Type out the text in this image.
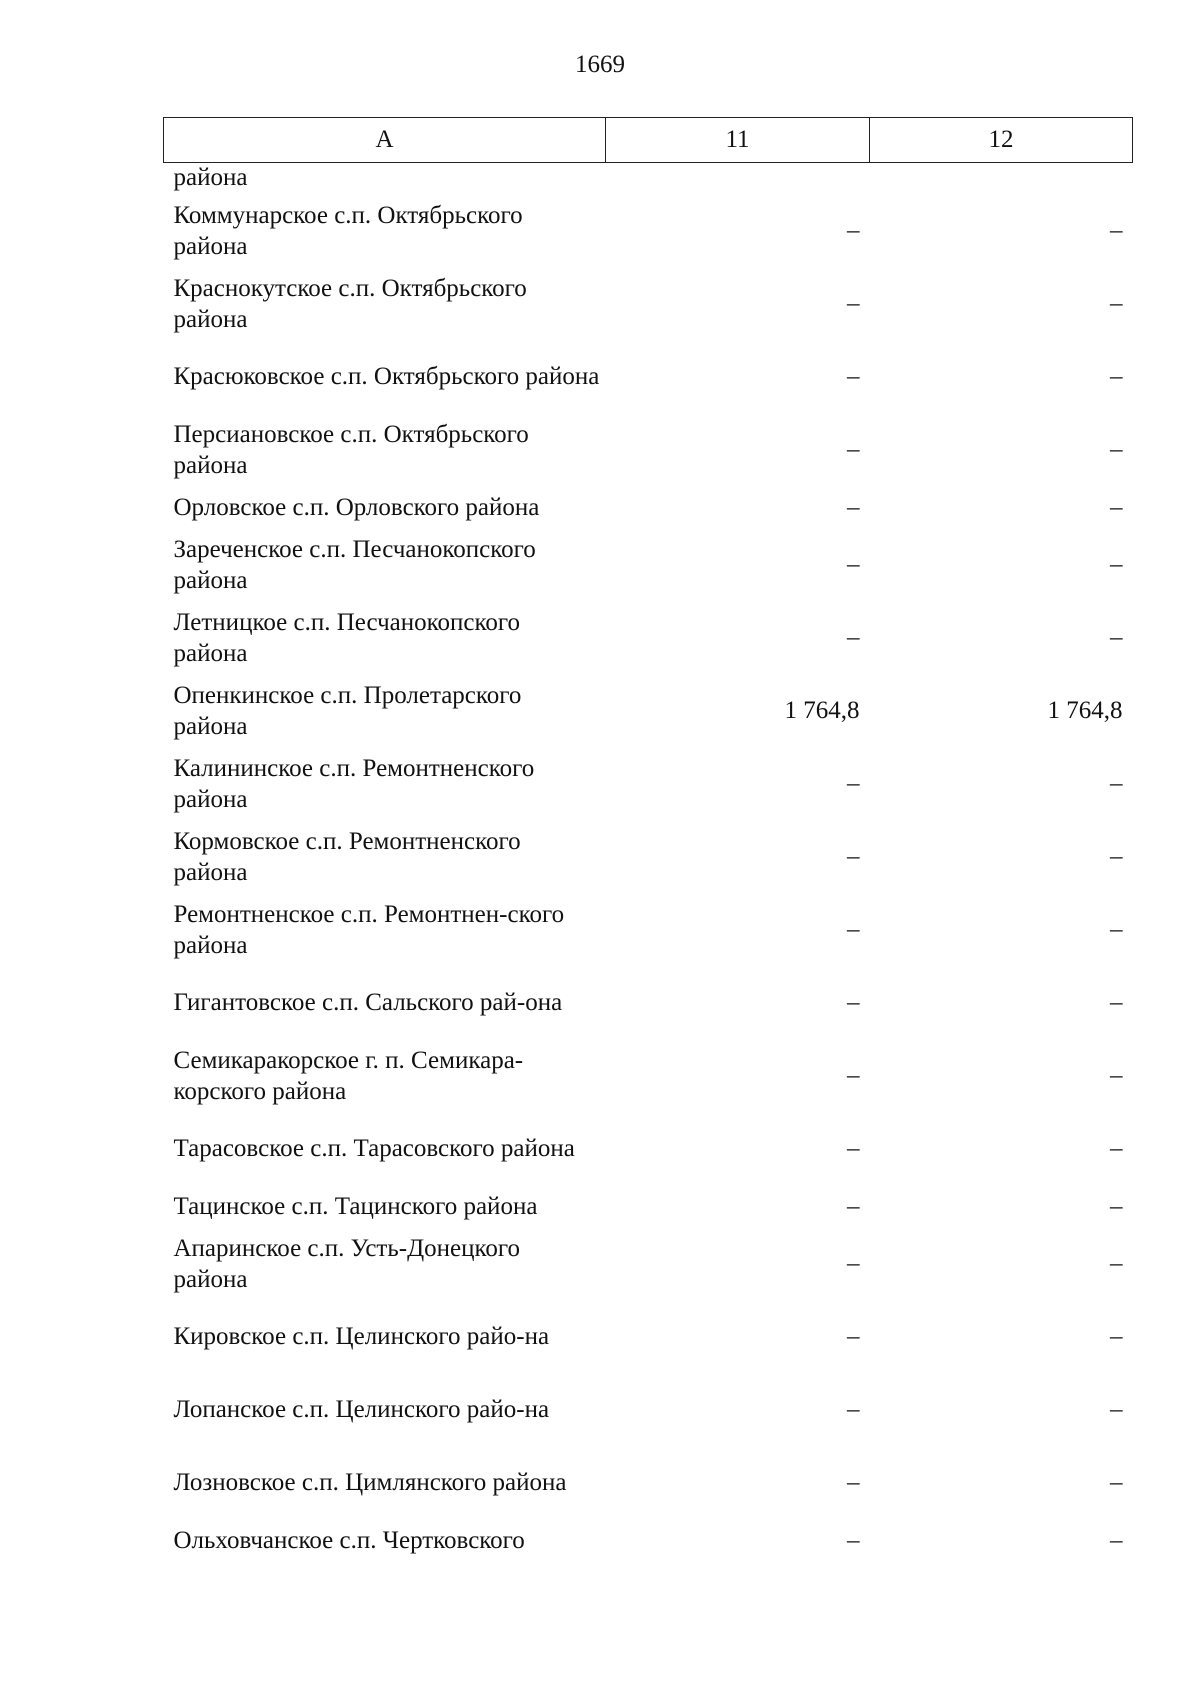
1669
А	11	12
района		
Коммунарское с.п. Октябрьского района	–	–
Краснокутское с.п. Октябрьского района	–	–
Красюковское с.п. Октябрьского района	–	–
Персиановское с.п. Октябрьского района	–	–
Орловское с.п. Орловского района	–	–
Зареченское с.п. Песчанокопского района	–	–
Летницкое с.п. Песчанокопского района	–	–
Опенкинское с.п. Пролетарского района	1 764,8	1 764,8
Калининское с.п. Ремонтненского района	–	–
Кормовское с.п. Ремонтненского района	–	–
Ремонтненское с.п. Ремонтнен-ского района	–	–
Гигантовское с.п. Сальского рай-она	–	–
Семикаракорское г. п. Семикара-корского района	–	–
Тарасовское с.п. Тарасовского района	–	–
Тацинское с.п. Тацинского района	–	–
Апаринское с.п. Усть-Донецкого района	–	–
Кировское с.п. Целинского райо-на	–	–
Лопанское с.п. Целинского райо-на	–	–
Лозновское с.п. Цимлянского района	–	–
Ольховчанское с.п. Чертковского	–	–
